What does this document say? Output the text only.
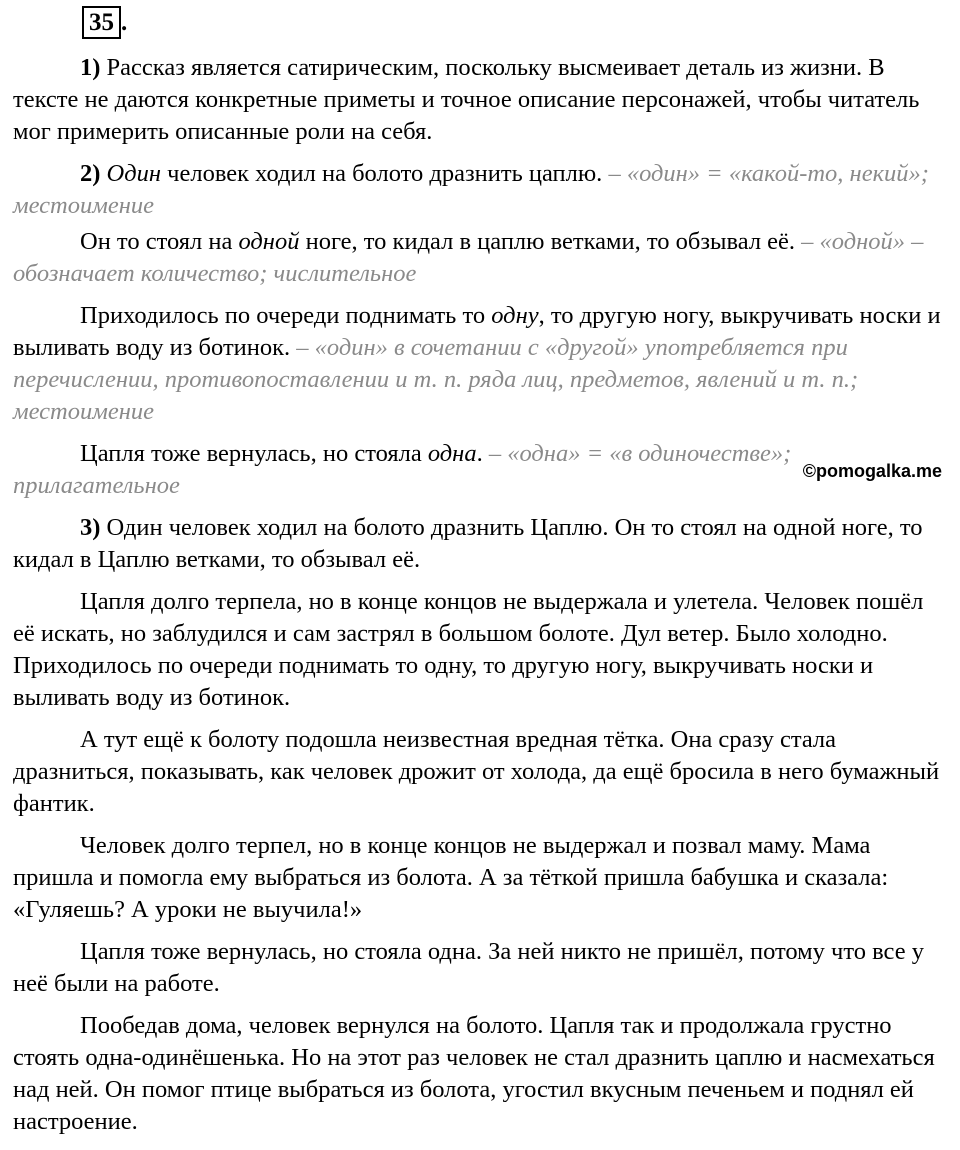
35 .

1) Рассказ является сатирическим, поскольку высмеивает деталь из жизни. В тексте не даются конкретные приметы и точное описание персонажей, чтобы читатель мог примерить описанные роли на себя.

2) Один человек ходил на болото дразнить цаплю. – «один» = «какой-то, некий»; местоимение

Он то стоял на одной ноге, то кидал в цаплю ветками, то обзывал её. – «одной» – обозначает количество; числительное

Приходилось по очереди поднимать то одну, то другую ногу, выкручивать носки и выливать воду из ботинок. – «один» в сочетании с «другой» употребляется при перечислении, противопоставлении и т. п. ряда лиц, предметов, явлений и т. п.; местоимение

Цапля тоже вернулась, но стояла одна. – «одна» = «в одиночестве»; прилагательное

3) Один человек ходил на болото дразнить Цаплю. Он то стоял на одной ноге, то кидал в Цаплю ветками, то обзывал её.

Цапля долго терпела, но в конце концов не выдержала и улетела. Человек пошёл её искать, но заблудился и сам застрял в большом болоте. Дул ветер. Было холодно. Приходилось по очереди поднимать то одну, то другую ногу, выкручивать носки и выливать воду из ботинок.

А тут ещё к болоту подошла неизвестная вредная тётка. Она сразу стала дразниться, показывать, как человек дрожит от холода, да ещё бросила в него бумажный фантик.

Человек долго терпел, но в конце концов не выдержал и позвал маму. Мама пришла и помогла ему выбраться из болота. А за тёткой пришла бабушка и сказала: «Гуляешь? А уроки не выучила!»

Цапля тоже вернулась, но стояла одна. За ней никто не пришёл, потому что все у неё были на работе.

Пообедав дома, человек вернулся на болото. Цапля так и продолжала грустно стоять одна-одинёшенька. Но на этот раз человек не стал дразнить цаплю и насмехаться над ней. Он помог птице выбраться из болота, угостил вкусным печеньем и поднял ей настроение.

©pomogalka.me
